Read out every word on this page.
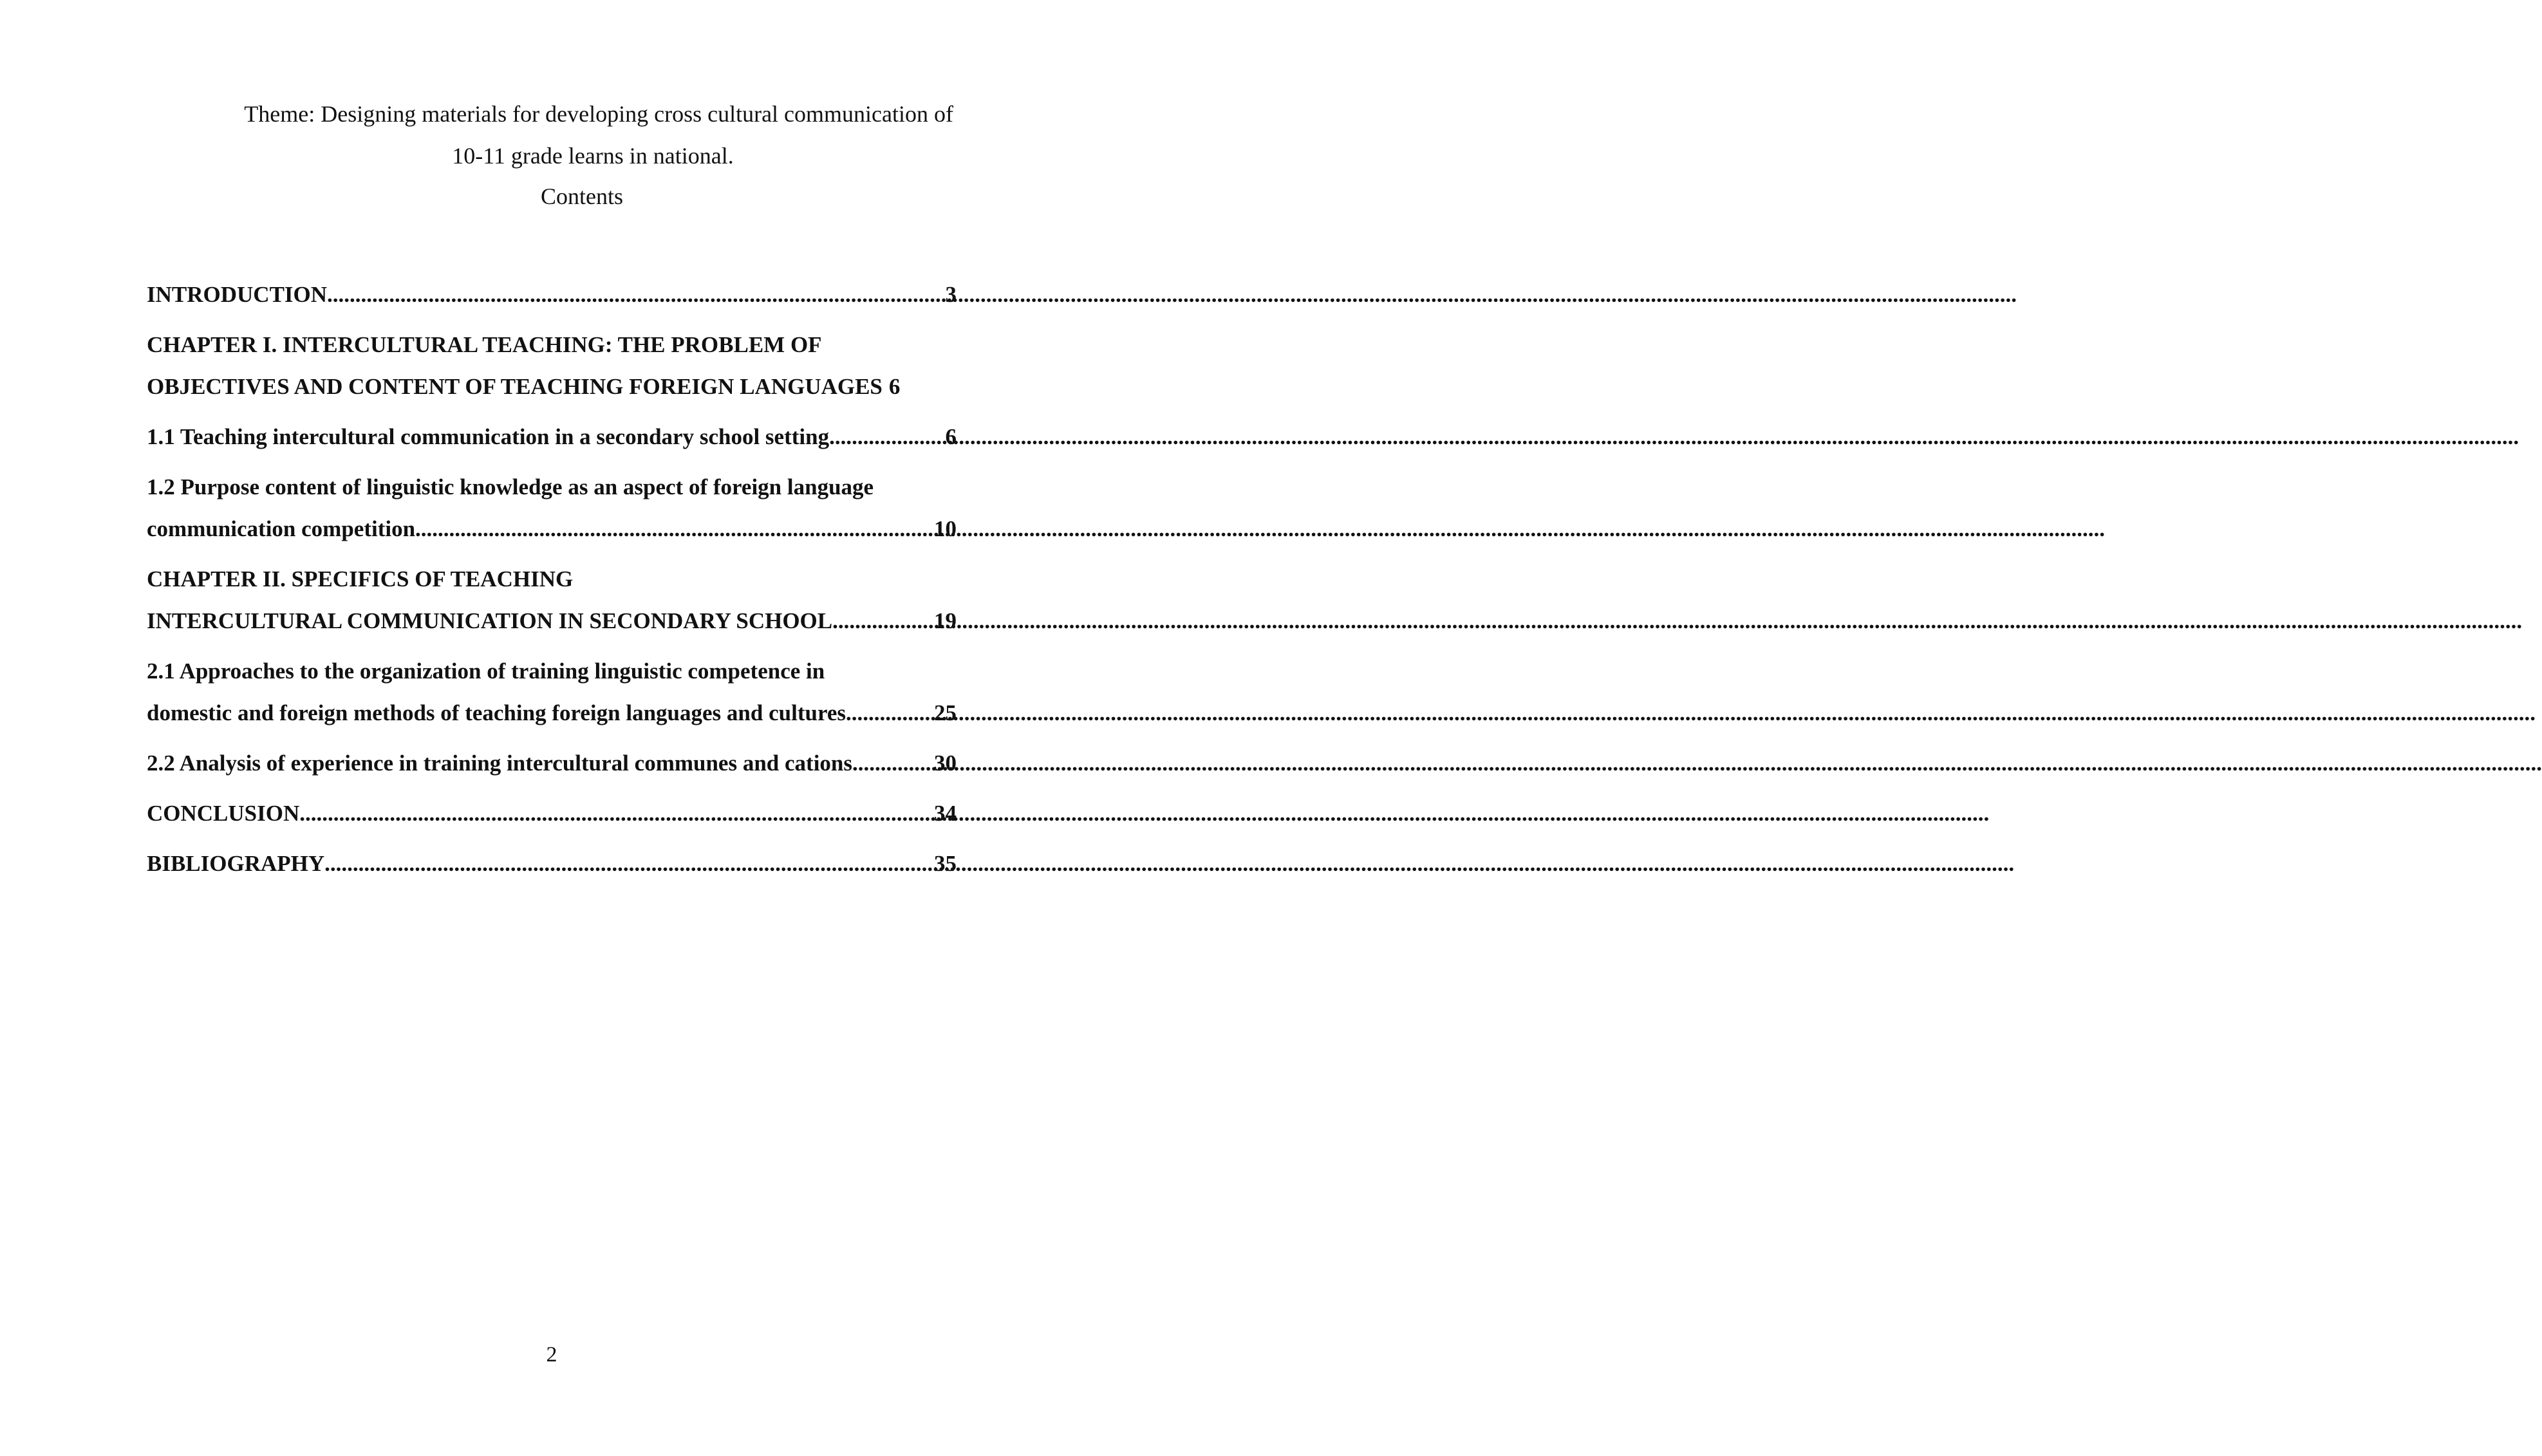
Theme: Designing materials for developing cross cultural communication of
10-11 grade learns in national.
Contents
INTRODUCTION .....	3
CHAPTER I. INTERCULTURAL TEACHING: THE PROBLEM OF
OBJECTIVES AND CONTENT OF TEACHING FOREIGN LANGUAGES 6
1.1 Teaching intercultural communication in a secondary school setting .....	6
1.2 Purpose content of linguistic knowledge as an aspect of foreign language
communication competition .....	10
CHAPTER II. SPECIFICS OF TEACHING
INTERCULTURAL COMMUNICATION IN SECONDARY SCHOOL .....	19
2.1 Approaches to the organization of training linguistic competence in
domestic and foreign methods of teaching foreign languages and cultures .....	25
2.2 Analysis of experience in training intercultural communes and cations .....	30
CONCLUSION .....	34
BIBLIOGRAPHY .....	35
2
